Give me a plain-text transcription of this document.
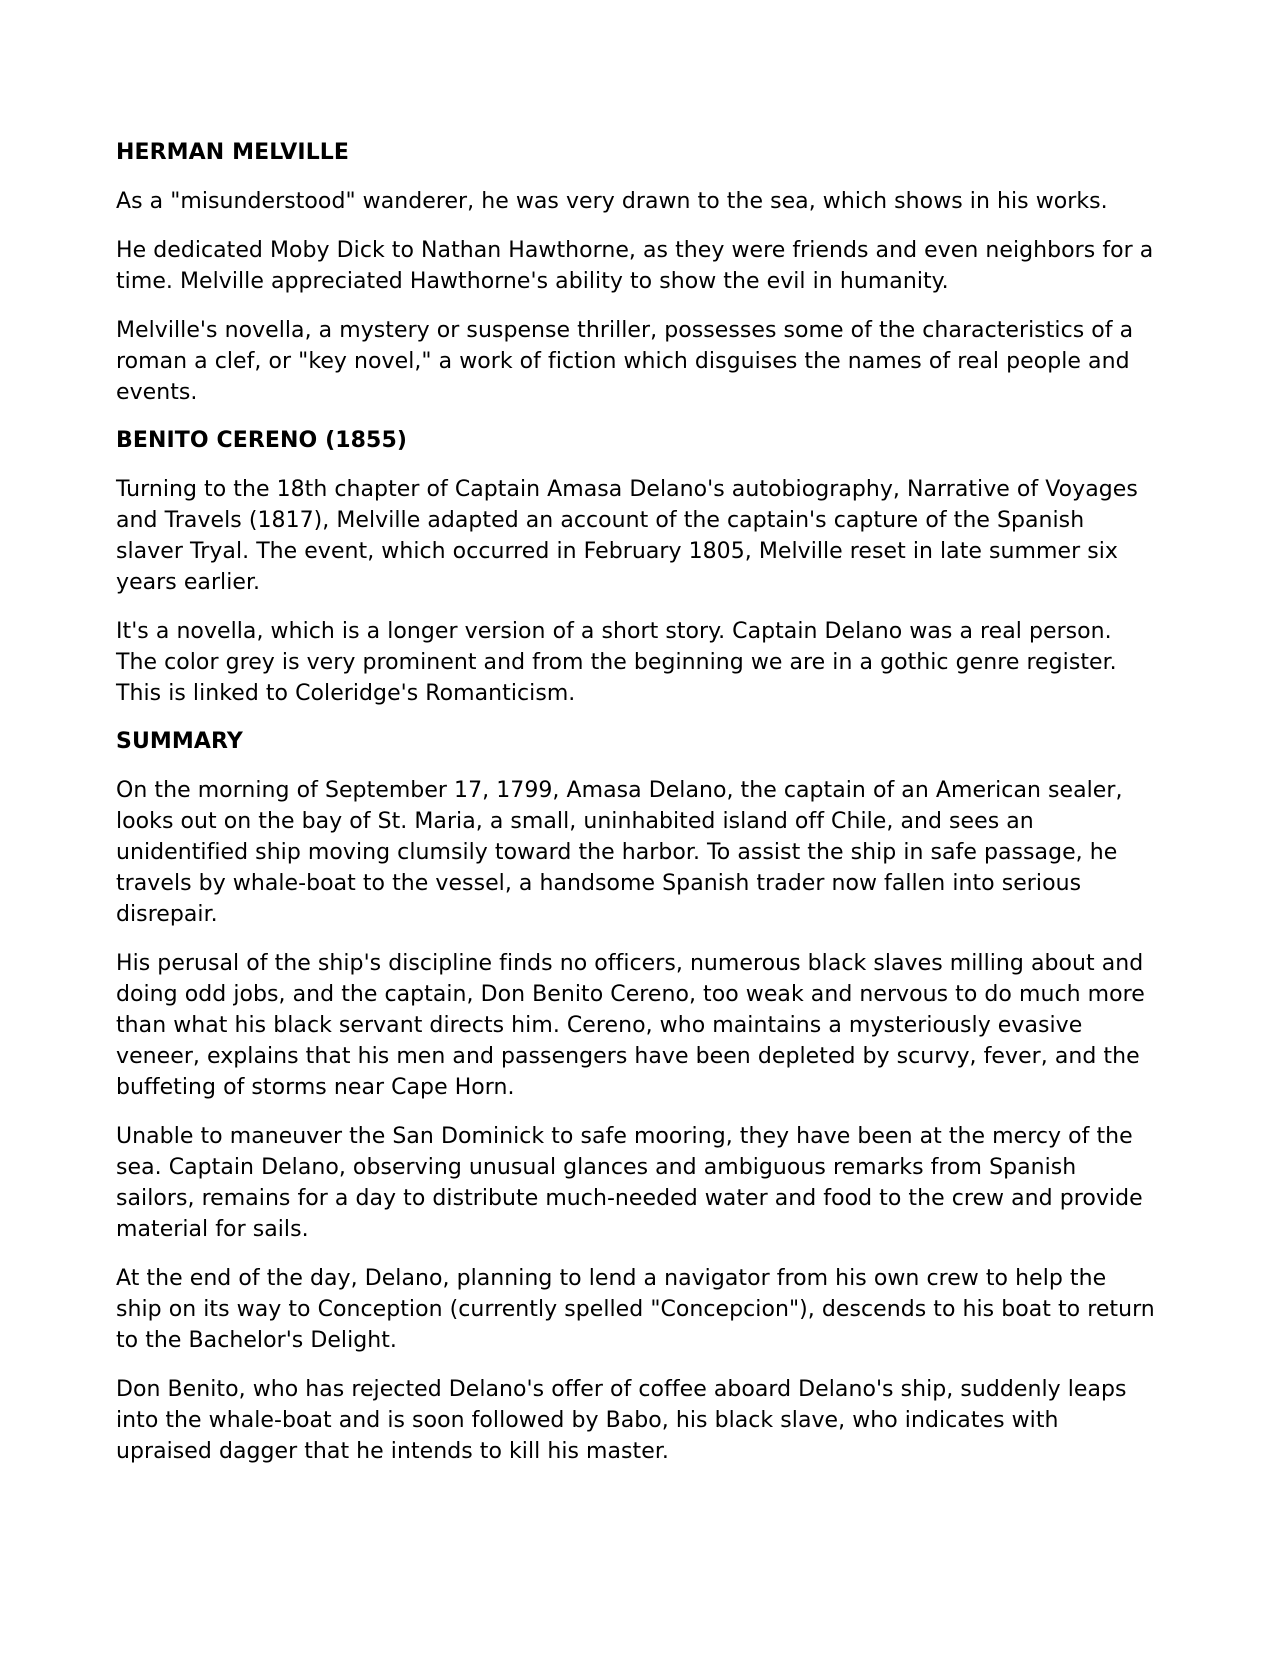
HERMAN MELVILLE

As a "misunderstood" wanderer, he was very drawn to the sea, which shows in his works.

He dedicated Moby Dick to Nathan Hawthorne, as they were friends and even neighbors for a time. Melville appreciated Hawthorne's ability to show the evil in humanity.

Melville's novella, a mystery or suspense thriller, possesses some of the characteristics of a roman a clef, or "key novel," a work of fiction which disguises the names of real people and events.

BENITO CERENO (1855)

Turning to the 18th chapter of Captain Amasa Delano's autobiography, Narrative of Voyages and Travels (1817), Melville adapted an account of the captain's capture of the Spanish slaver Tryal. The event, which occurred in February 1805, Melville reset in late summer six years earlier.

It's a novella, which is a longer version of a short story. Captain Delano was a real person. The color grey is very prominent and from the beginning we are in a gothic genre register. This is linked to Coleridge's Romanticism.

SUMMARY

On the morning of September 17, 1799, Amasa Delano, the captain of an American sealer, looks out on the bay of St. Maria, a small, uninhabited island off Chile, and sees an unidentified ship moving clumsily toward the harbor. To assist the ship in safe passage, he travels by whale-boat to the vessel, a handsome Spanish trader now fallen into serious disrepair.

His perusal of the ship's discipline finds no officers, numerous black slaves milling about and doing odd jobs, and the captain, Don Benito Cereno, too weak and nervous to do much more than what his black servant directs him. Cereno, who maintains a mysteriously evasive veneer, explains that his men and passengers have been depleted by scurvy, fever, and the buffeting of storms near Cape Horn.

Unable to maneuver the San Dominick to safe mooring, they have been at the mercy of the sea. Captain Delano, observing unusual glances and ambiguous remarks from Spanish sailors, remains for a day to distribute much-needed water and food to the crew and provide material for sails.

At the end of the day, Delano, planning to lend a navigator from his own crew to help the ship on its way to Conception (currently spelled "Concepcion"), descends to his boat to return to the Bachelor's Delight.

Don Benito, who has rejected Delano's offer of coffee aboard Delano's ship, suddenly leaps into the whale-boat and is soon followed by Babo, his black slave, who indicates with upraised dagger that he intends to kill his master.
